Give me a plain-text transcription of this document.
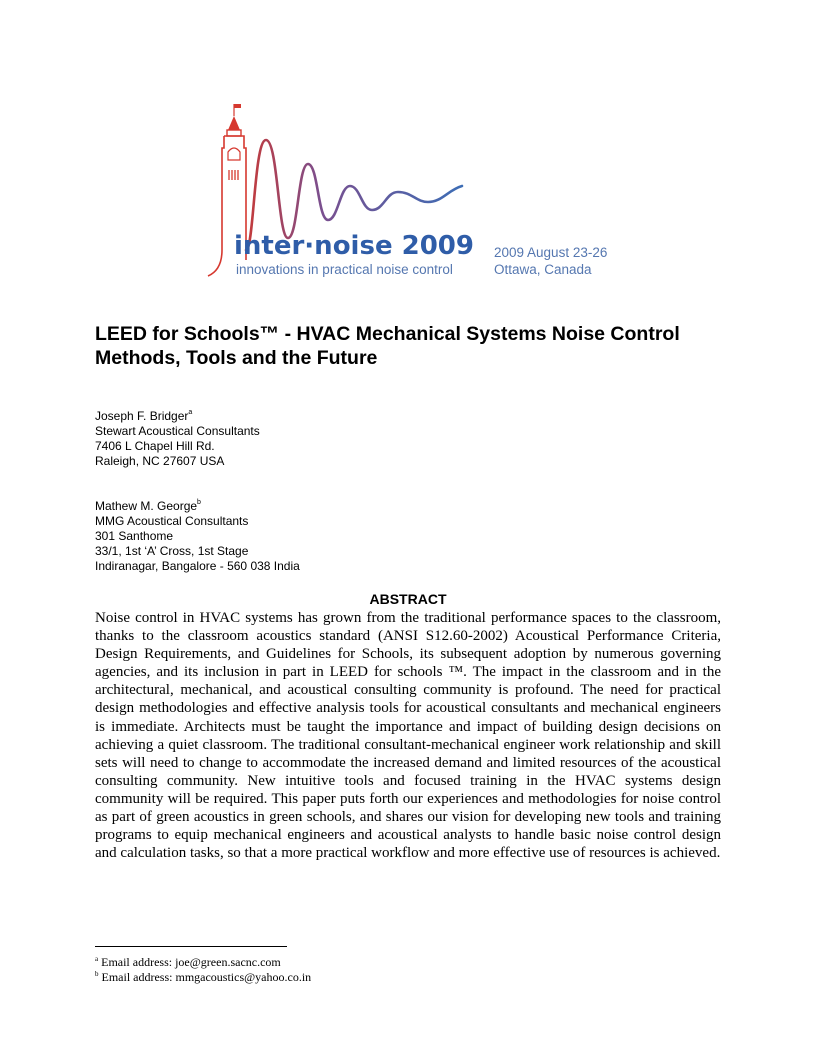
inter·noise 2009
innovations in practical noise control
2009 August 23-26
Ottawa, Canada
LEED for Schools™ - HVAC Mechanical Systems Noise Control Methods, Tools and the Future
Joseph F. Bridger$^a$
Stewart Acoustical Consultants
7406 L Chapel Hill Rd.
Raleigh, NC 27607 USA
Mathew M. George$^b$
MMG Acoustical Consultants
301 Santhome
33/1, 1st ‘A’ Cross, 1st Stage
Indiranagar, Bangalore - 560 038 India
ABSTRACT

Noise control in HVAC systems has grown from the traditional performance spaces to the classroom, thanks to the classroom acoustics standard (ANSI S12.60-2002) Acoustical Performance Criteria, Design Requirements, and Guidelines for Schools, its subsequent adoption by numerous governing agencies, and its inclusion in part in LEED for schools ™. The impact in the classroom and in the architectural, mechanical, and acoustical consulting community is profound. The need for practical design methodologies and effective analysis tools for acoustical consultants and mechanical engineers is immediate. Architects must be taught the importance and impact of building design decisions on achieving a quiet classroom. The traditional consultant-mechanical engineer work relationship and skill sets will need to change to accommodate the increased demand and limited resources of the acoustical consulting community. New intuitive tools and focused training in the HVAC systems design community will be required. This paper puts forth our experiences and methodologies for noise control as part of green acoustics in green schools, and shares our vision for developing new tools and training programs to equip mechanical engineers and acoustical analysts to handle basic noise control design and calculation tasks, so that a more practical workflow and more effective use of resources is achieved.

$^a$ Email address: joe@green.sacnc.com
$^b$ Email address: mmgacoustics@yahoo.co.in
